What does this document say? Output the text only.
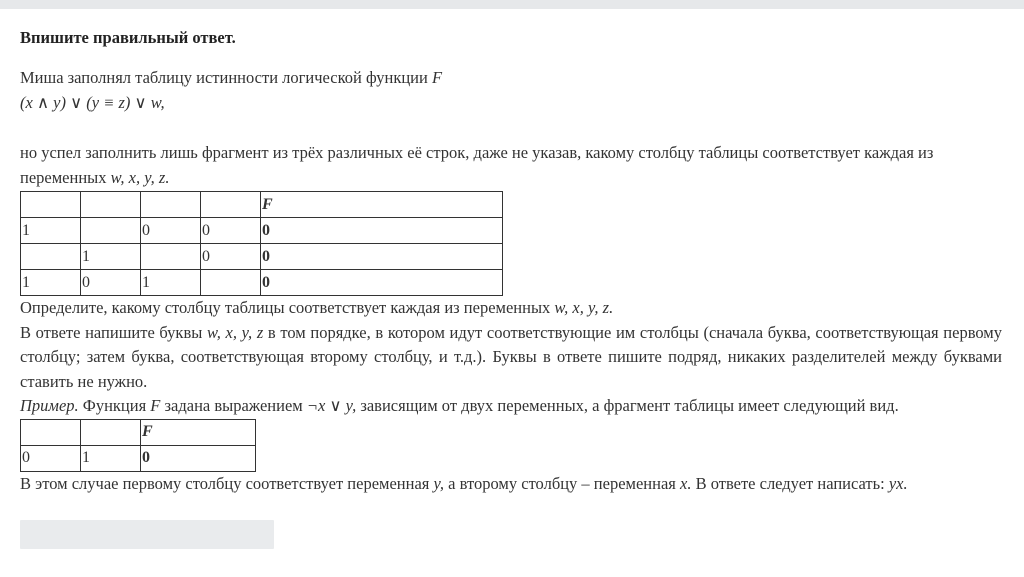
Впишите правильный ответ.

Миша заполнял таблицу истинности логической функции F

(x ∧ y) ∨ (y ≡ z) ∨ w,

но успел заполнить лишь фрагмент из трёх различных её строк, даже не указав, какому столбцу таблицы соответствует каждая из переменных w, x, y, z.

				F
1		0	0	0
	1		0	0
1	0	1		0

Определите, какому столбцу таблицы соответствует каждая из переменных w, x, y, z.

В ответе напишите буквы w, x, y, z в том порядке, в котором идут соответствующие им столбцы (сначала буква, соответствующая первому столбцу; затем буква, соответствующая второму столбцу, и т.д.). Буквы в ответе пишите подряд, никаких разделителей между буквами ставить не нужно.

Пример. Функция F задана выражением ¬x ∨ y, зависящим от двух переменных, а фрагмент таблицы имеет следующий вид.

		F
0	1	0

В этом случае первому столбцу соответствует переменная y, а второму столбцу – переменная x. В ответе следует написать: yx.
